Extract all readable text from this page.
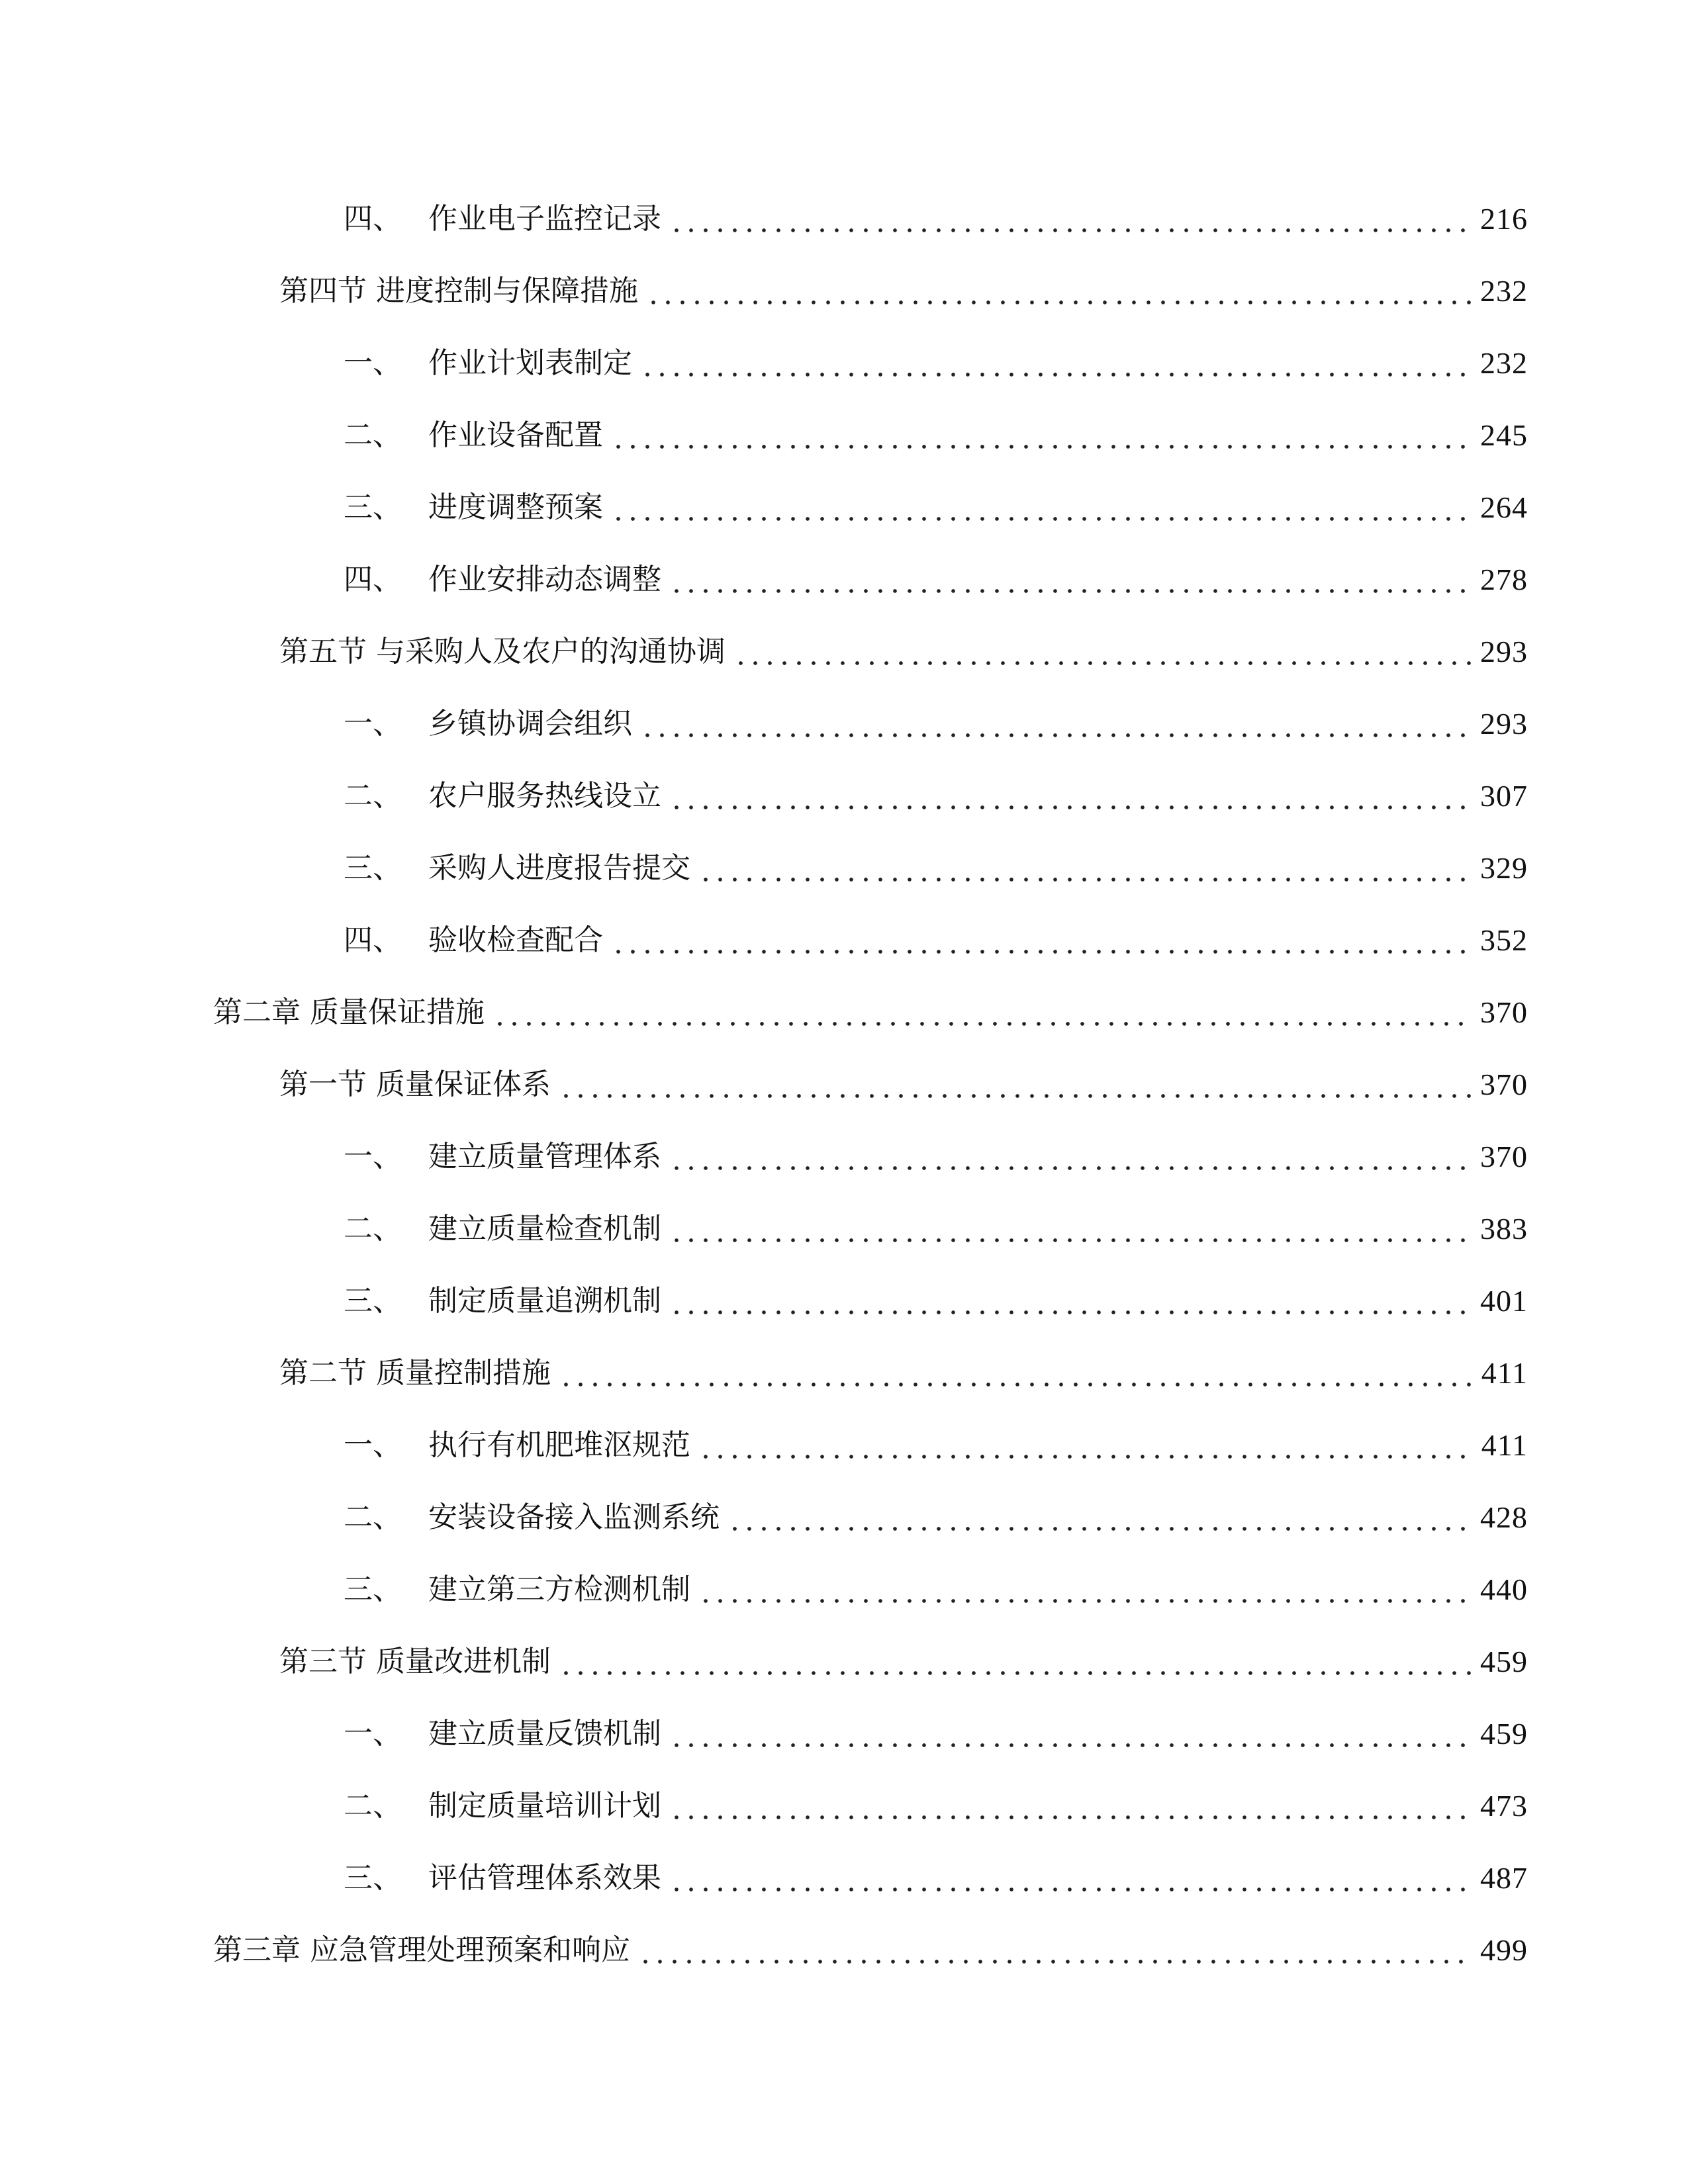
四、 作业电子监控记录	216
第四节 进度控制与保障措施	232
一、 作业计划表制定	232
二、 作业设备配置	245
三、 进度调整预案	264
四、 作业安排动态调整	278
第五节 与采购人及农户的沟通协调	293
一、 乡镇协调会组织	293
二、 农户服务热线设立	307
三、 采购人进度报告提交	329
四、 验收检查配合	352
第二章 质量保证措施	370
第一节 质量保证体系	370
一、 建立质量管理体系	370
二、 建立质量检查机制	383
三、 制定质量追溯机制	401
第二节 质量控制措施	411
一、 执行有机肥堆沤规范	411
二、 安装设备接入监测系统	428
三、 建立第三方检测机制	440
第三节 质量改进机制	459
一、 建立质量反馈机制	459
二、 制定质量培训计划	473
三、 评估管理体系效果	487
第三章 应急管理处理预案和响应	499
